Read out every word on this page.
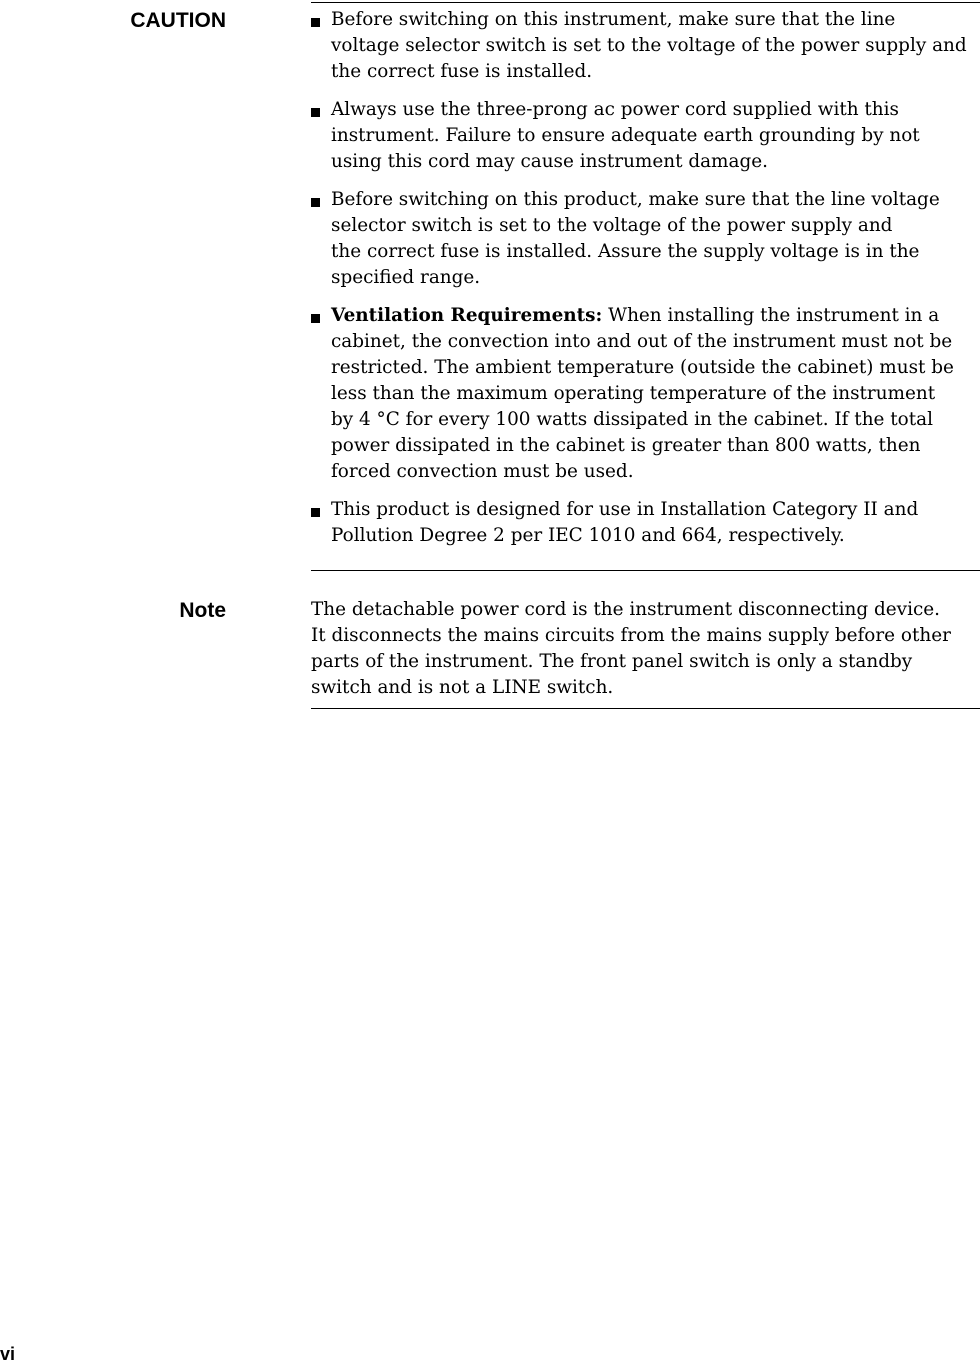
CAUTION	Before switching on this instrument, make sure that the line
voltage selector switch is set to the voltage of the power supply and
the correct fuse is installed.
Always use the three-prong ac power cord supplied with this
instrument. Failure to ensure adequate earth grounding by not
using this cord may cause instrument damage.
Before switching on this product, make sure that the line voltage
selector switch is set to the voltage of the power supply and
the correct fuse is installed. Assure the supply voltage is in the
specified range.
Ventilation Requirements: When installing the instrument in a
cabinet, the convection into and out of the instrument must not be
restricted. The ambient temperature (outside the cabinet) must be
less than the maximum operating temperature of the instrument
by 4 °C for every 100 watts dissipated in the cabinet. If the total
power dissipated in the cabinet is greater than 800 watts, then
forced convection must be used.
This product is designed for use in Installation Category II and
Pollution Degree 2 per IEC 1010 and 664, respectively.
Note	The detachable power cord is the instrument disconnecting device.
It disconnects the mains circuits from the mains supply before other
parts of the instrument. The front panel switch is only a standby
switch and is not a LINE switch.
vi
